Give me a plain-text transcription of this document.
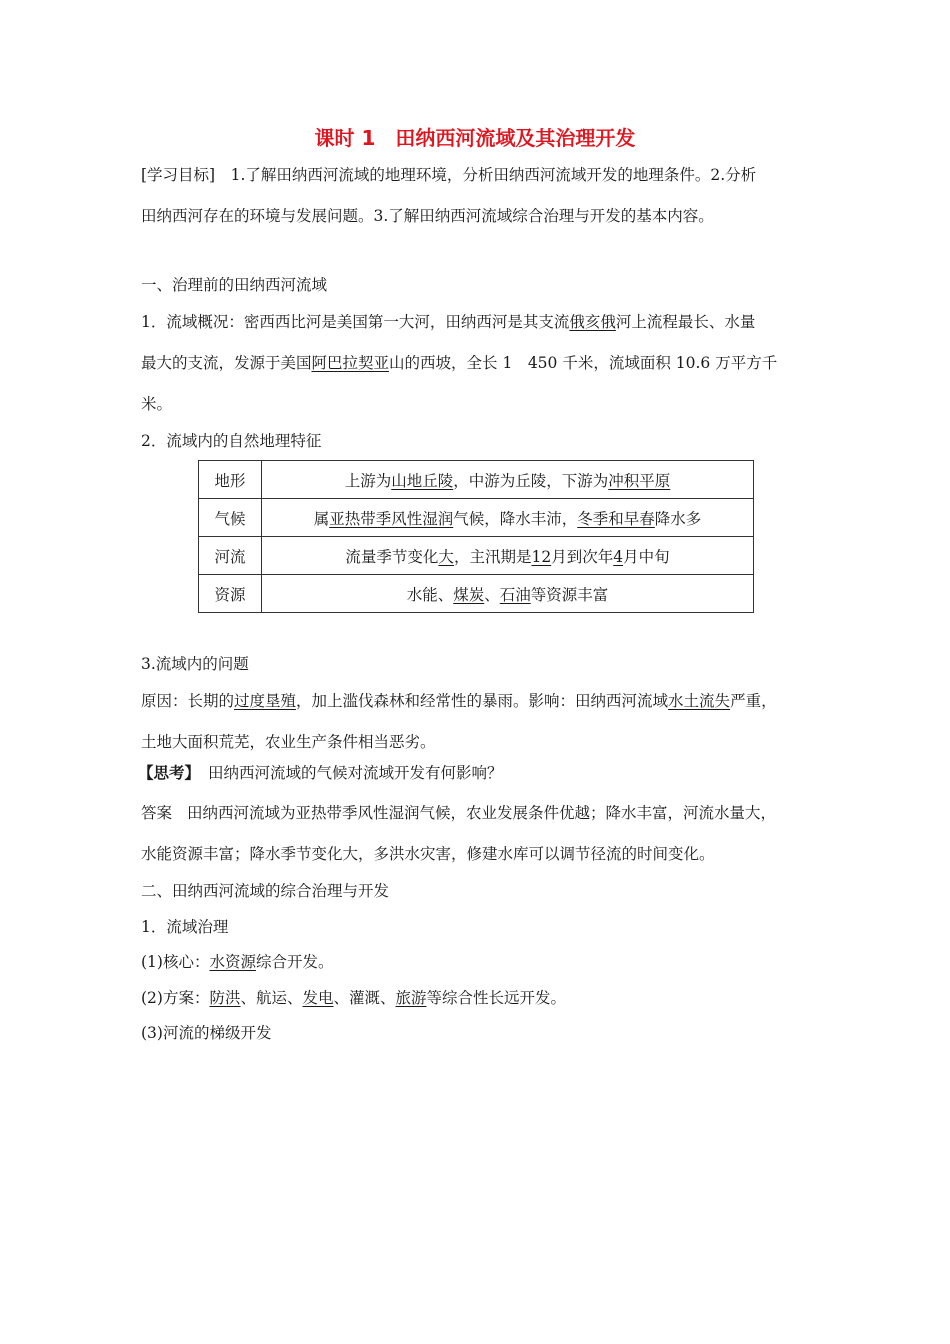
课时 1　田纳西河流域及其治理开发
[学习目标]　1.了解田纳西河流域的地理环境，分析田纳西河流域开发的地理条件。2.分析
田纳西河存在的环境与发展问题。3.了解田纳西河流域综合治理与开发的基本内容。
一、治理前的田纳西河流域
1．流域概况：密西西比河是美国第一大河，田纳西河是其支流俄亥俄河上流程最长、水量
最大的支流，发源于美国阿巴拉契亚山的西坡，全长 1　450 千米，流域面积 10.6 万平方千
米。
2．流域内的自然地理特征
地形	上游为山地丘陵，中游为丘陵，下游为冲积平原
气候	属亚热带季风性湿润气候，降水丰沛，冬季和早春降水多
河流	流量季节变化大，主汛期是12月到次年4月中旬
资源	水能、煤炭、石油等资源丰富
3.流域内的问题
原因：长期的过度垦殖，加上滥伐森林和经常性的暴雨。影响：田纳西河流域水土流失严重，
土地大面积荒芜，农业生产条件相当恶劣。
【思考】 田纳西河流域的气候对流域开发有何影响？
答案 田纳西河流域为亚热带季风性湿润气候，农业发展条件优越；降水丰富，河流水量大，
水能资源丰富；降水季节变化大，多洪水灾害，修建水库可以调节径流的时间变化。
二、田纳西河流域的综合治理与开发
1．流域治理
(1)核心：水资源综合开发。
(2)方案：防洪、航运、发电、灌溉、旅游等综合性长远开发。
(3)河流的梯级开发
